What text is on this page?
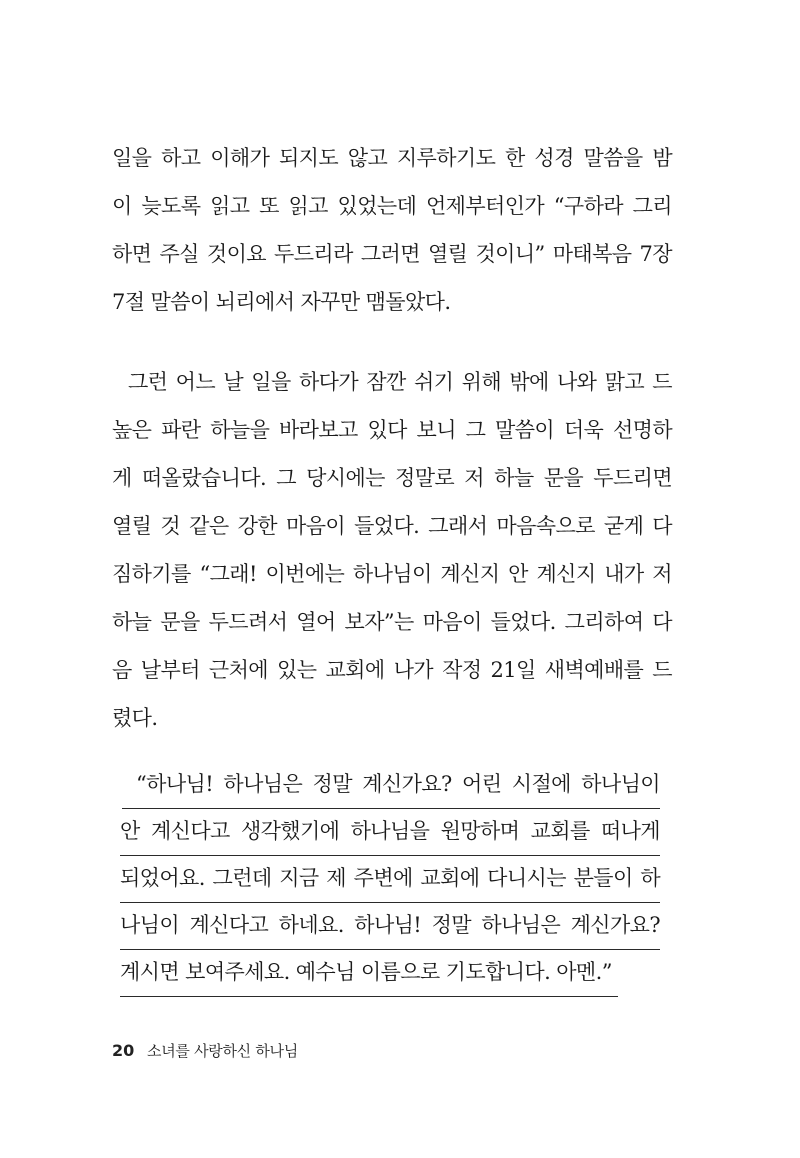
일을 하고 이해가 되지도 않고 지루하기도 한 성경 말씀을 밤
이 늦도록 읽고 또 읽고 있었는데 언제부터인가 “구하라 그리
하면 주실 것이요 두드리라 그러면 열릴 것이니” 마태복음 7장
7절 말씀이 뇌리에서 자꾸만 맴돌았다.
그런 어느 날 일을 하다가 잠깐 쉬기 위해 밖에 나와 맑고 드
높은 파란 하늘을 바라보고 있다 보니 그 말씀이 더욱 선명하
게 떠올랐습니다. 그 당시에는 정말로 저 하늘 문을 두드리면
열릴 것 같은 강한 마음이 들었다. 그래서 마음속으로 굳게 다
짐하기를 “그래! 이번에는 하나님이 계신지 안 계신지 내가 저
하늘 문을 두드려서 열어 보자”는 마음이 들었다. 그리하여 다
음 날부터 근처에 있는 교회에 나가 작정 21일 새벽예배를 드
렸다.
“하나님! 하나님은 정말 계신가요? 어린 시절에 하나님이
안 계신다고 생각했기에 하나님을 원망하며 교회를 떠나게
되었어요. 그런데 지금 제 주변에 교회에 다니시는 분들이 하
나님이 계신다고 하네요. 하나님! 정말 하나님은 계신가요?
계시면 보여주세요. 예수님 이름으로 기도합니다. 아멘.”
20 소녀를 사랑하신 하나님
